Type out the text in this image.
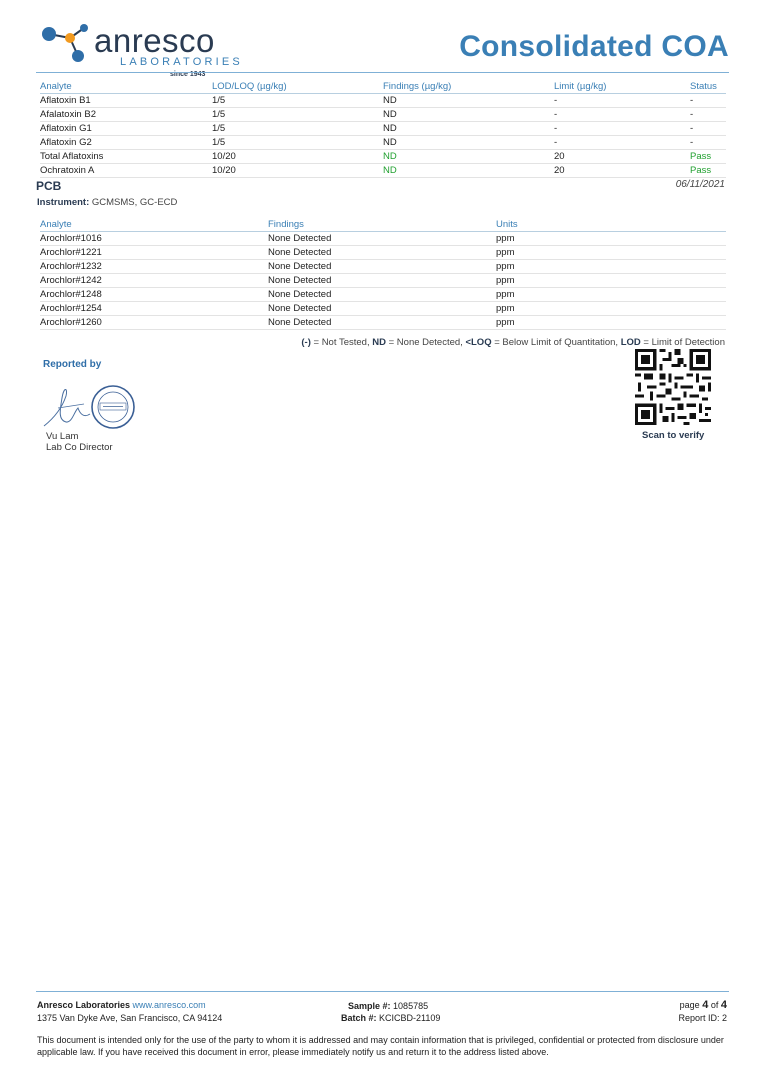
anresco
LABORATORIES
since 1943
Consolidated COA
Analyte	LOD/LOQ (µg/kg)	Findings (µg/kg)	Limit (µg/kg)	Status
Aflatoxin B1	1/5	ND	-	-
Afalatoxin B2	1/5	ND	-	-
Aflatoxin G1	1/5	ND	-	-
Aflatoxin G2	1/5	ND	-	-
Total Aflatoxins	10/20	ND	20	Pass
Ochratoxin A	10/20	ND	20	Pass
PCB	06/11/2021
Instrument: GCMSMS, GC-ECD
Analyte	Findings	Units
Arochlor#1016	None Detected	ppm
Arochlor#1221	None Detected	ppm
Arochlor#1232	None Detected	ppm
Arochlor#1242	None Detected	ppm
Arochlor#1248	None Detected	ppm
Arochlor#1254	None Detected	ppm
Arochlor#1260	None Detected	ppm
(-) = Not Tested, ND = None Detected, <LOQ = Below Limit of Quantitation, LOD = Limit of Detection
Reported by
Vu Lam
Lab Co Director
Scan to verify
Anresco Laboratories www.anresco.com
1375 Van Dyke Ave, San Francisco, CA 94124
Sample #: 1085785
Batch #: KCICBD-21109
page 4 of 4
Report ID: 2
This document is intended only for the use of the party to whom it is addressed and may contain information that is privileged, confidential or protected from disclosure under applicable law. If you have received this document in error, please immediately notify us and return it to the address listed above.
